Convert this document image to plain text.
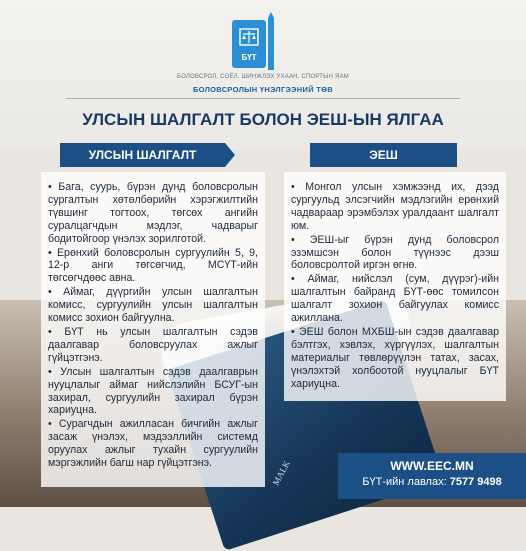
MALK
БҮТ
БОЛОВСРОЛ, СОЁЛ, ШИНЖЛЭХ УХААН, СПОРТЫН ЯАМ
БОЛОВСРОЛЫН ҮНЭЛГЭЭНИЙ ТӨВ
УЛСЫН ШАЛГАЛТ БОЛОН ЭЕШ-ЫН ЯЛГАА
УЛСЫН ШАЛГАЛТ	ЭЕШ

• Бага, суурь, бүрэн дунд боловсролын сургалтын хөтөлбөрийн хэрэгжилтийн түвшинг тогтоох, төгсөх ангийн суралцагчдын мэдлэг, чадварыг бодитойгоор үнэлэх зорилготой.

• Ерөнхий боловсролын сургуулийн 5, 9, 12-р анги төгсөгчид, МСҮТ-ийн төгсөгчдөөс авна.

• Аймаг, дүүргийн улсын шалгалтын комисс, сургуулийн улсын шалгалтын комисс зохион байгуулна.

• БҮТ нь улсын шалгалтын сэдэв даалгавар боловсруулах ажлыг гүйцэтгэнэ.

• Улсын шалгалтын сэдэв даалгаврын нууцлалыг аймаг нийслэлийн БСУГ-ын захирал, сургуулийн захирал бүрэн хариуцна.

• Сурагчдын ажилласан бичгийн ажлыг засаж үнэлэх, мэдээллийн системд оруулах ажлыг тухайн сургуулийн мэргэжлийн багш нар гүйцэтгэнэ.

• Монгол улсын хэмжээнд их, дээд сургуульд элсэгчийн мэдлэгийн ерөнхий чадвараар эрэмбэлэх уралдаант шалгалт юм.

• ЭЕШ-ыг бүрэн дунд боловсрол эзэмшсэн болон түүнээс дээш боловсролтой иргэн өгнө.

• Аймаг, нийслэл (сум, дүүрэг)-ийн шалгалтын байранд БҮТ-өөс томилсон шалгалт зохион байгуулах комисс ажиллана.

• ЭЕШ болон МХБШ-ын сэдэв даалгавар бэлтгэх, хэвлэх, хүргүүлэх, шалгалтын материалыг төвлөрүүлэн татах, засах, үнэлэхтэй холбоотой нууцлалыг БҮТ хариуцна.

WWW.EEC.MN
БҮТ-ийн лавлах: 7577 9498
